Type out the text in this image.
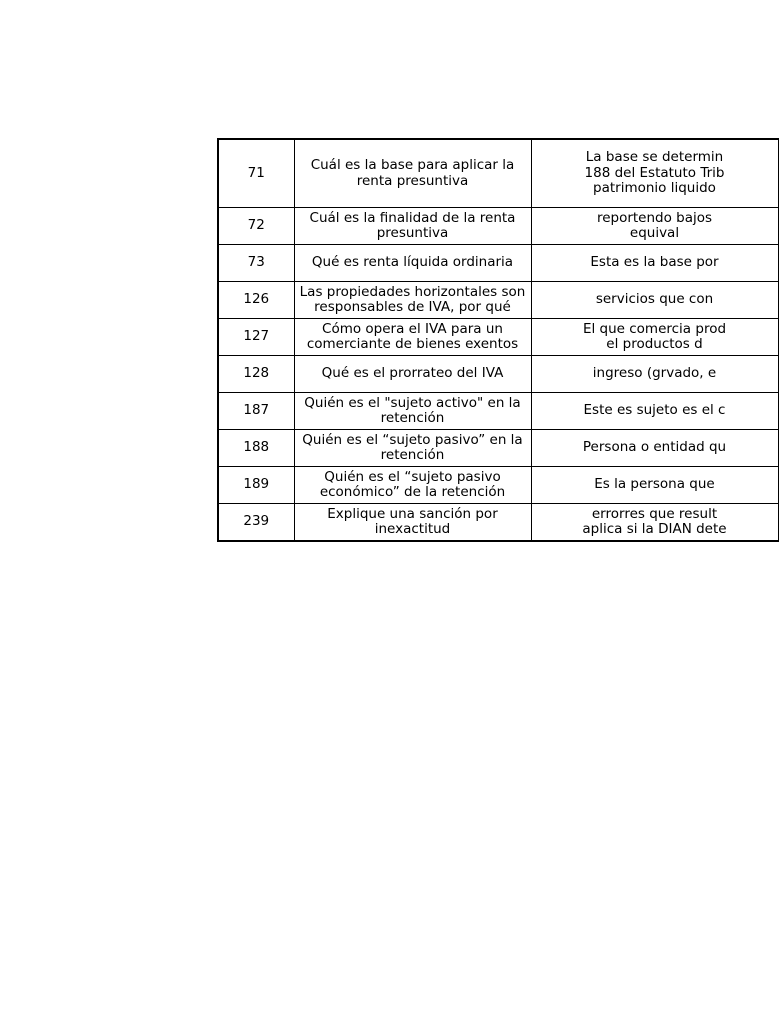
71	Cuál es la base para aplicar la renta presuntiva	La base se determin
188 del Estatuto Trib
patrimonio liquido

72	Cuál es la finalidad de la renta presuntiva	reportendo bajos
equival

73	Qué es renta líquida ordinaria	Esta es la base por

126	Las propiedades horizontales son responsables de IVA, por qué	servicios que con

127	Cómo opera el IVA para un comerciante de bienes exentos	El que comercia prod
el productos d

128	Qué es el prorrateo del IVA	ingreso (grvado, e

187	Quién es el "sujeto activo" en la retención	Este es sujeto es el c

188	Quién es el “sujeto pasivo” en la retención	Persona o entidad qu

189	Quién es el “sujeto pasivo económico” de la retención	Es la persona que

239	Explique una sanción por inexactitud	errorres que result
aplica si la DIAN dete
